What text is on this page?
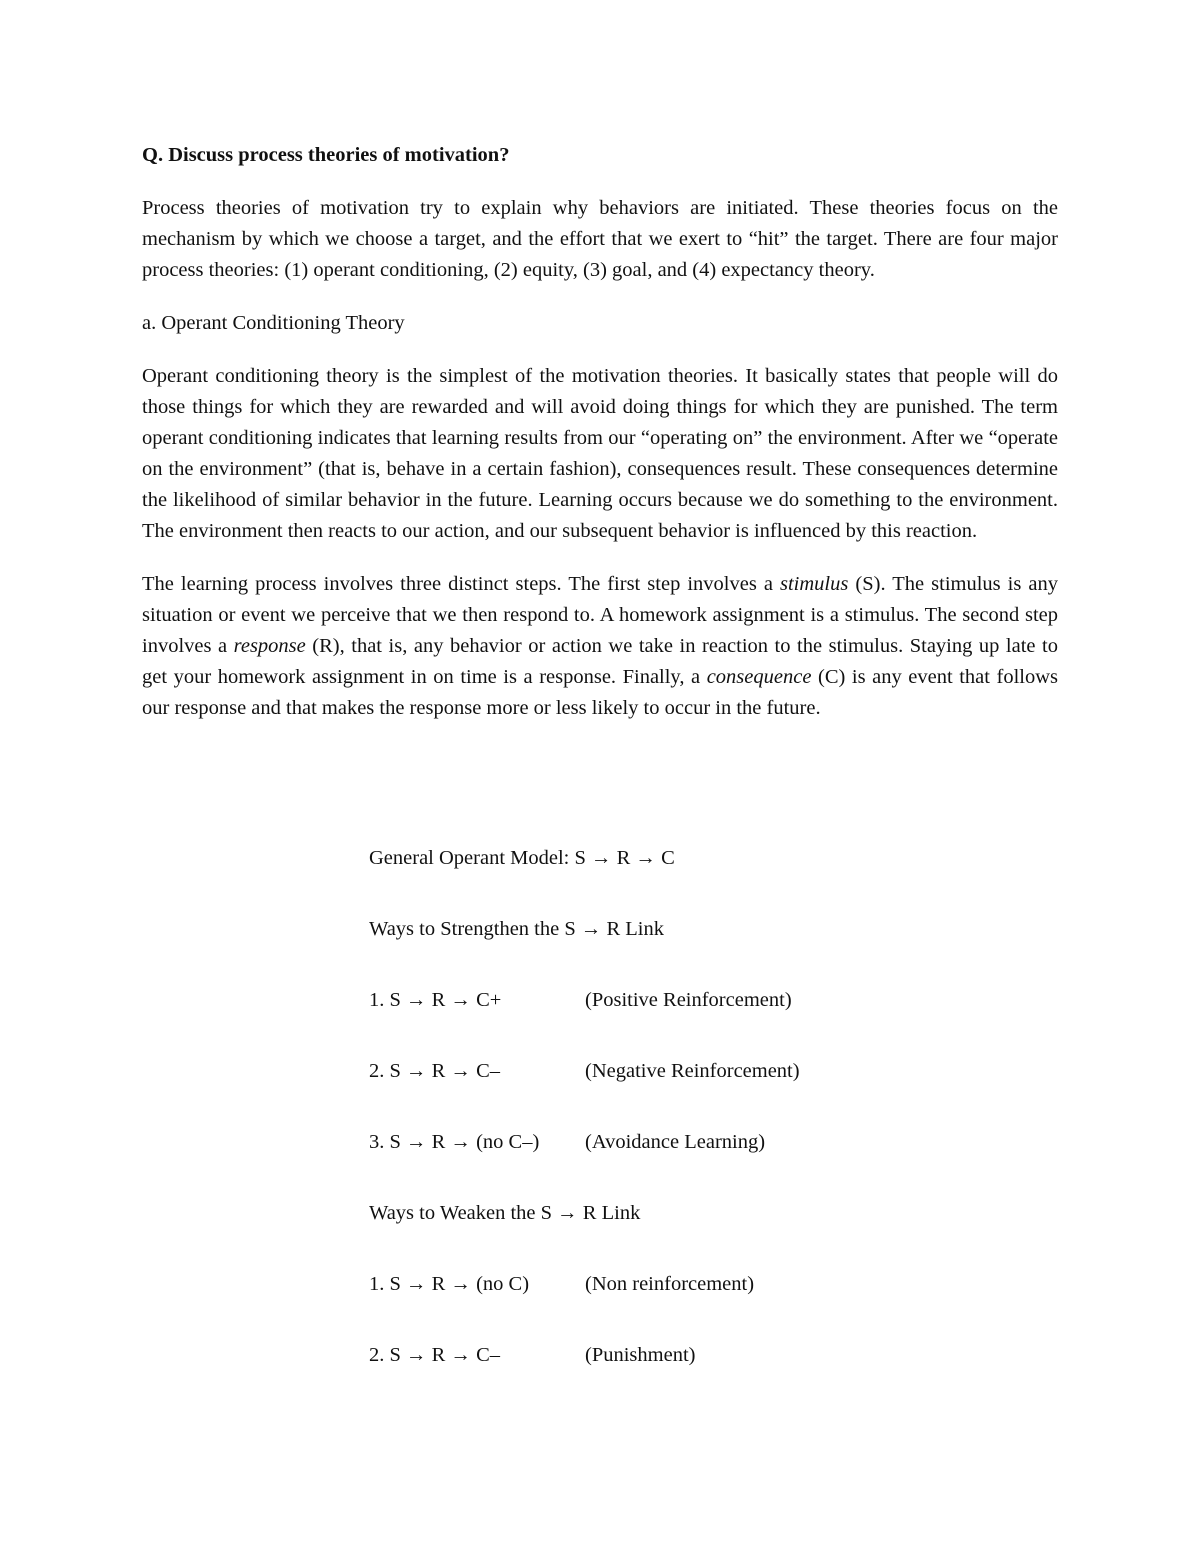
Q. Discuss process theories of motivation?

Process theories of motivation try to explain why behaviors are initiated. These theories focus on the mechanism by which we choose a target, and the effort that we exert to “hit” the target. There are four major process theories: (1) operant conditioning, (2) equity, (3) goal, and (4) expectancy theory.

a. Operant Conditioning Theory

Operant conditioning theory is the simplest of the motivation theories. It basically states that people will do those things for which they are rewarded and will avoid doing things for which they are punished. The term operant conditioning indicates that learning results from our “operating on” the environment. After we “operate on the environment” (that is, behave in a certain fashion), consequences result. These consequences determine the likelihood of similar behavior in the future. Learning occurs because we do something to the environment. The environment then reacts to our action, and our subsequent behavior is influenced by this reaction.

The learning process involves three distinct steps. The first step involves a stimulus (S). The stimulus is any situation or event we perceive that we then respond to. A homework assignment is a stimulus. The second step involves a response (R), that is, any behavior or action we take in reaction to the stimulus. Staying up late to get your homework assignment in on time is a response. Finally, a consequence (C) is any event that follows our response and that makes the response more or less likely to occur in the future.

General Operant Model: S → R → C
Ways to Strengthen the S → R Link
1. S → R → C+	(Positive Reinforcement)
2. S → R → C–	(Negative Reinforcement)
3. S → R → (no C–) (Avoidance Learning)
Ways to Weaken the S → R Link
1. S → R → (no C)	(Non reinforcement)
2. S → R → C–	(Punishment)
